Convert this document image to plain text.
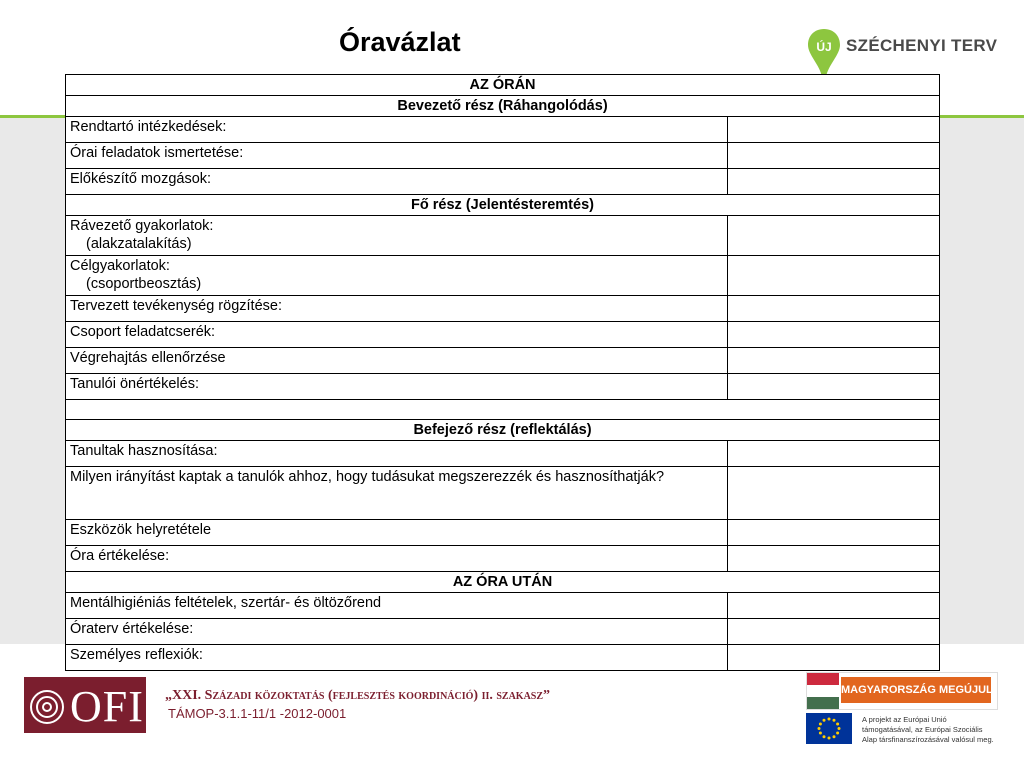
Óravázlat	ÚJ SZÉCHENYI TERV
AZ ÓRÁN	
Bevezető rész (Ráhangolódás)	
Rendtartó intézkedések:	
Órai feladatok ismertetése:	
Előkészítő mozgások:	
Fő rész (Jelentésteremtés)	
Rávezető gyakorlatok:
(alakzatalakítás)	
Célgyakorlatok:
(csoportbeosztás)	
Tervezett tevékenység rögzítése:	
Csoport feladatcserék:	
Végrehajtás ellenőrzése	
Tanulói önértékelés:	

Befejező rész (reflektálás)	
Tanultak hasznosítása:	
Milyen irányítást kaptak a tanulók ahhoz, hogy tudásukat megszerezzék és hasznosíthatják?	
Eszközök helyretétele	
Óra értékelése:	
AZ ÓRA UTÁN	
Mentálhigiéniás feltételek, szertár- és öltözőrend	
Óraterv értékelése:	
Személyes reflexiók:	
OFI „XXI. Századi közoktatás (fejlesztés koordináció) ii. szakasz”
TÁMOP-3.1.1-11/1 -2012-0001
MAGYARORSZÁG MEGÚJUL
A projekt az Európai Unió támogatásával, az Európai Szociális Alap társfinanszírozásával valósul meg.
